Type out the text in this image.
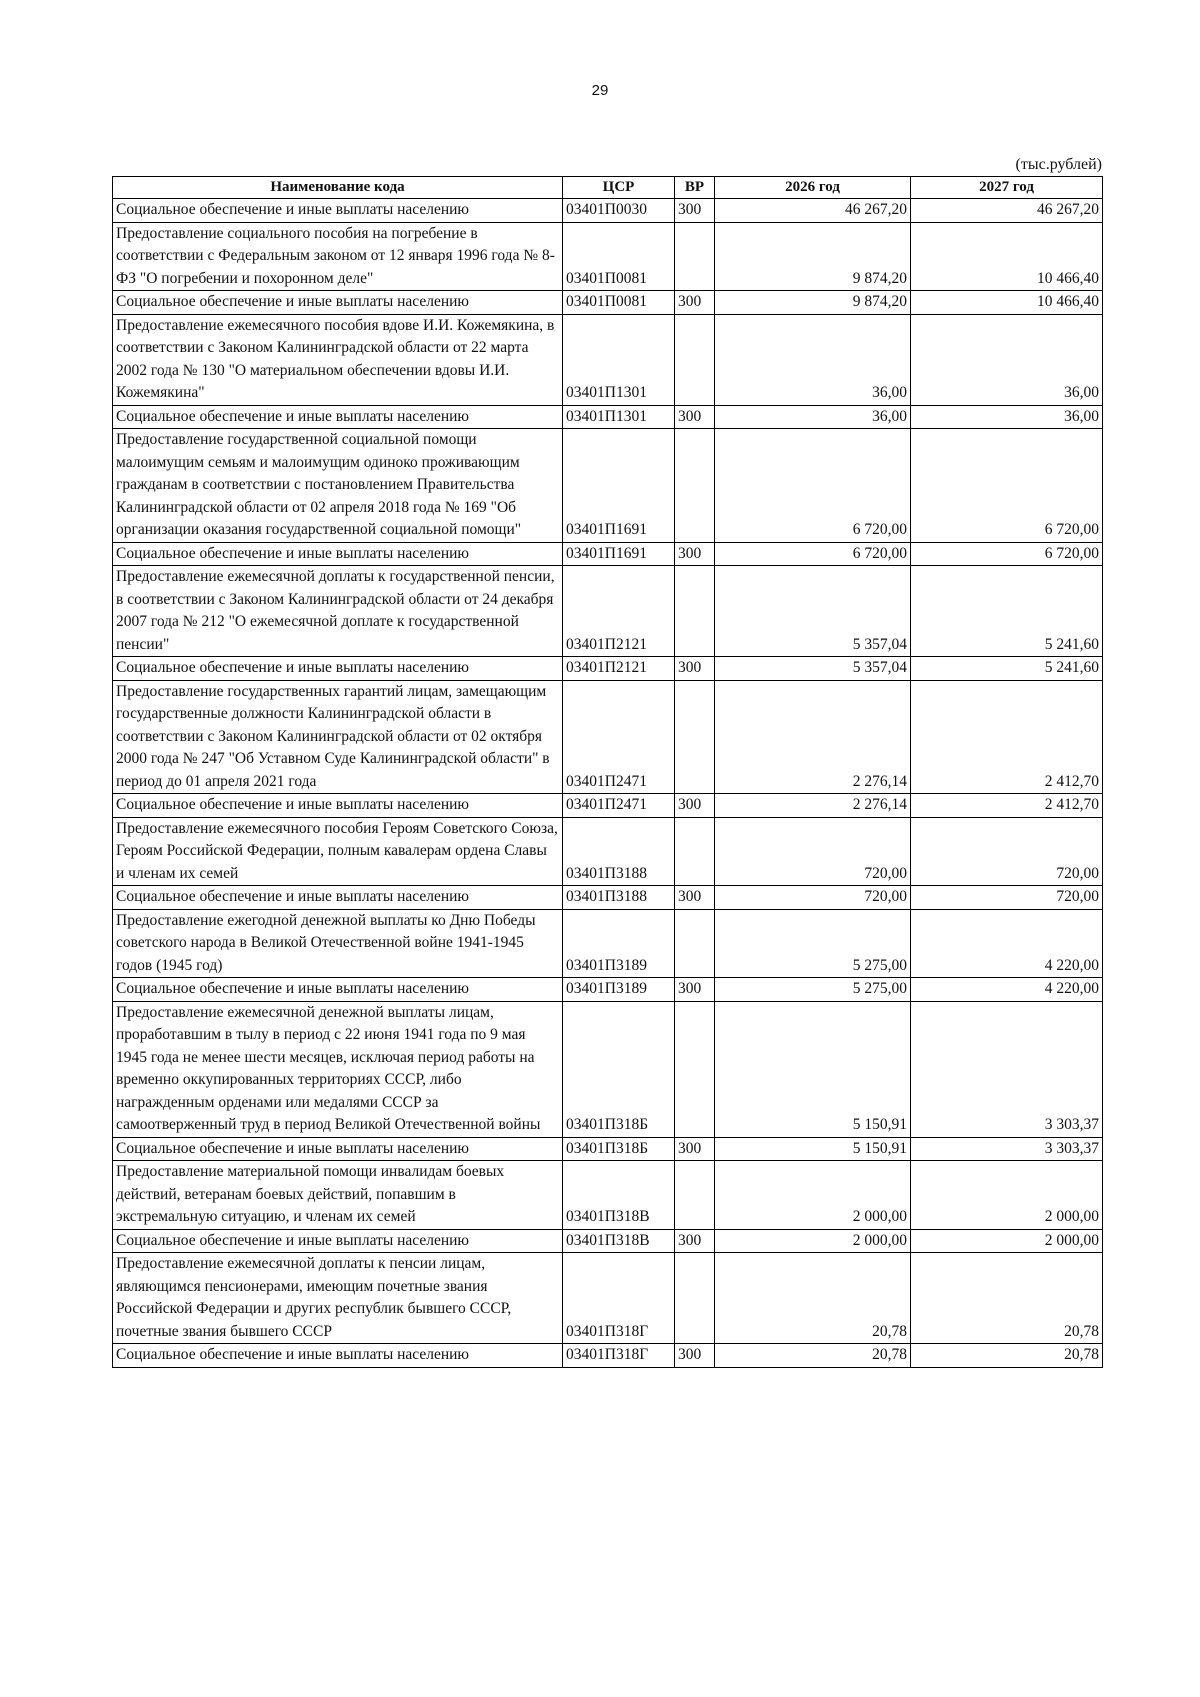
29
(тыс.рублей)
Наименование кода	ЦСР	ВР	2026 год	2027 год
Социальное обеспечение и иные выплаты населению	03401П0030	300	46 267,20	46 267,20
Предоставление социального пособия на погребение в соответствии с Федеральным законом от 12 января 1996 года № 8-ФЗ "О погребении и похоронном деле"	03401П0081		9 874,20	10 466,40
Социальное обеспечение и иные выплаты населению	03401П0081	300	9 874,20	10 466,40
Предоставление ежемесячного пособия вдове И.И. Кожемякина, в соответствии с Законом Калининградской области от 22 марта 2002 года № 130 "О материальном обеспечении вдовы И.И. Кожемякина"	03401П1301		36,00	36,00
Социальное обеспечение и иные выплаты населению	03401П1301	300	36,00	36,00
Предоставление государственной социальной помощи малоимущим семьям и малоимущим одиноко проживающим гражданам в соответствии с постановлением Правительства Калининградской области от 02 апреля 2018 года № 169 "Об организации оказания государственной социальной помощи"	03401П1691		6 720,00	6 720,00
Социальное обеспечение и иные выплаты населению	03401П1691	300	6 720,00	6 720,00
Предоставление ежемесячной доплаты к государственной пенсии, в соответствии с Законом Калининградской области от 24 декабря 2007 года № 212 "О ежемесячной доплате к государственной пенсии"	03401П2121		5 357,04	5 241,60
Социальное обеспечение и иные выплаты населению	03401П2121	300	5 357,04	5 241,60
Предоставление государственных гарантий лицам, замещающим государственные должности Калининградской области в соответствии с Законом Калининградской области от 02 октября 2000 года № 247 "Об Уставном Суде Калининградской области" в период до 01 апреля 2021 года	03401П2471		2 276,14	2 412,70
Социальное обеспечение и иные выплаты населению	03401П2471	300	2 276,14	2 412,70
Предоставление ежемесячного пособия Героям Советского Союза, Героям Российской Федерации, полным кавалерам ордена Славы и членам их семей	03401П3188		720,00	720,00
Социальное обеспечение и иные выплаты населению	03401П3188	300	720,00	720,00
Предоставление ежегодной денежной выплаты ко Дню Победы советского народа в Великой Отечественной войне 1941-1945 годов (1945 год)	03401П3189		5 275,00	4 220,00
Социальное обеспечение и иные выплаты населению	03401П3189	300	5 275,00	4 220,00
Предоставление ежемесячной денежной выплаты лицам, проработавшим в тылу в период с 22 июня 1941 года по 9 мая 1945 года не менее шести месяцев, исключая период работы на временно оккупированных территориях СССР, либо награжденным орденами или медалями СССР за самоотверженный труд в период Великой Отечественной войны	03401П318Б		5 150,91	3 303,37
Социальное обеспечение и иные выплаты населению	03401П318Б	300	5 150,91	3 303,37
Предоставление материальной помощи инвалидам боевых действий, ветеранам боевых действий, попавшим в экстремальную ситуацию, и членам их семей	03401П318В		2 000,00	2 000,00
Социальное обеспечение и иные выплаты населению	03401П318В	300	2 000,00	2 000,00
Предоставление ежемесячной доплаты к пенсии лицам, являющимся пенсионерами, имеющим почетные звания Российской Федерации и других республик бывшего СССР, почетные звания бывшего СССР	03401П318Г		20,78	20,78
Социальное обеспечение и иные выплаты населению	03401П318Г	300	20,78	20,78
